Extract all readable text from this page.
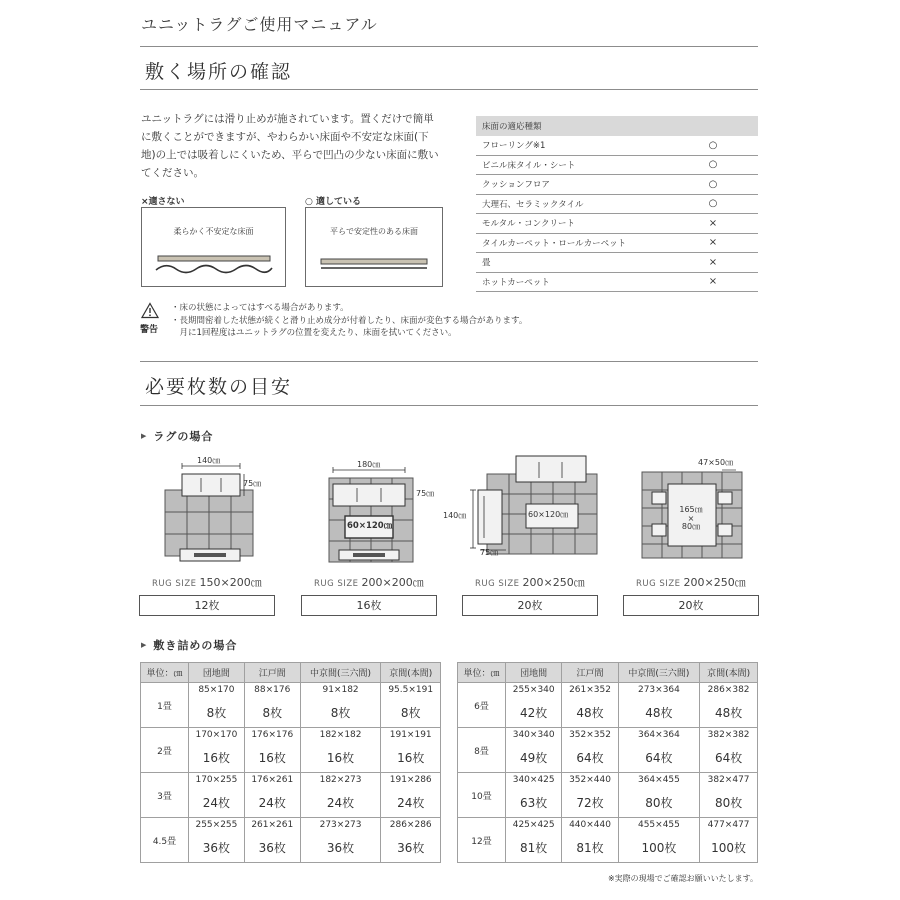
ユニットラグご使用マニュアル
敷く場所の確認
ユニットラグには滑り止めが施されています。置くだけで簡単
に敷くことができますが、やわらかい床面や不安定な床面(下
地)の上では吸着しにくいため、平らで凹凸の少ない床面に敷い
てください。
×適さない
柔らかく不安定な床面
○ 適している
平らで安定性のある床面
床面の適応種類	
フローリング※1	○
ビニル床タイル・シート	○
クッションフロア	○
大理石、セラミックタイル	○
モルタル・コンクリート	×
タイルカーペット・ロールカーペット	×
畳	×
ホットカーペット	×
警告
・床の状態によってはすべる場合があります。
・長期間密着した状態が続くと滑り止め成分が付着したり、床面が変色する場合があります。
　月に1回程度はユニットラグの位置を変えたり、床面を拭いてください。
必要枚数の目安
▶ ラグの場合
140㎝
75㎝
RUG SIZE 150×200㎝
12枚
180㎝
75㎝
60×120㎝
RUG SIZE 200×200㎝
16枚
140㎝	60×120㎝
75㎝
RUG SIZE 200×250㎝
20枚
47×50㎝
165㎝
×
80㎝
RUG SIZE 200×250㎝
20枚
▶ 敷き詰めの場合
単位：㎝	団地間	江戸間	中京間(三六間)	京間(本間)
1畳	85×170	88×176	91×182	95.5×191
	8枚	8枚	8枚	8枚
2畳	170×170	176×176	182×182	191×191
	16枚	16枚	16枚	16枚
3畳	170×255	176×261	182×273	191×286
	24枚	24枚	24枚	24枚
4.5畳	255×255	261×261	273×273	286×286
	36枚	36枚	36枚	36枚
単位：㎝	団地間	江戸間	中京間(三六間)	京間(本間)
6畳	255×340	261×352	273×364	286×382
	42枚	48枚	48枚	48枚
8畳	340×340	352×352	364×364	382×382
	49枚	64枚	64枚	64枚
10畳	340×425	352×440	364×455	382×477
	63枚	72枚	80枚	80枚
12畳	425×425	440×440	455×455	477×477
	81枚	81枚	100枚	100枚
※実際の現場でご確認お願いいたします。
